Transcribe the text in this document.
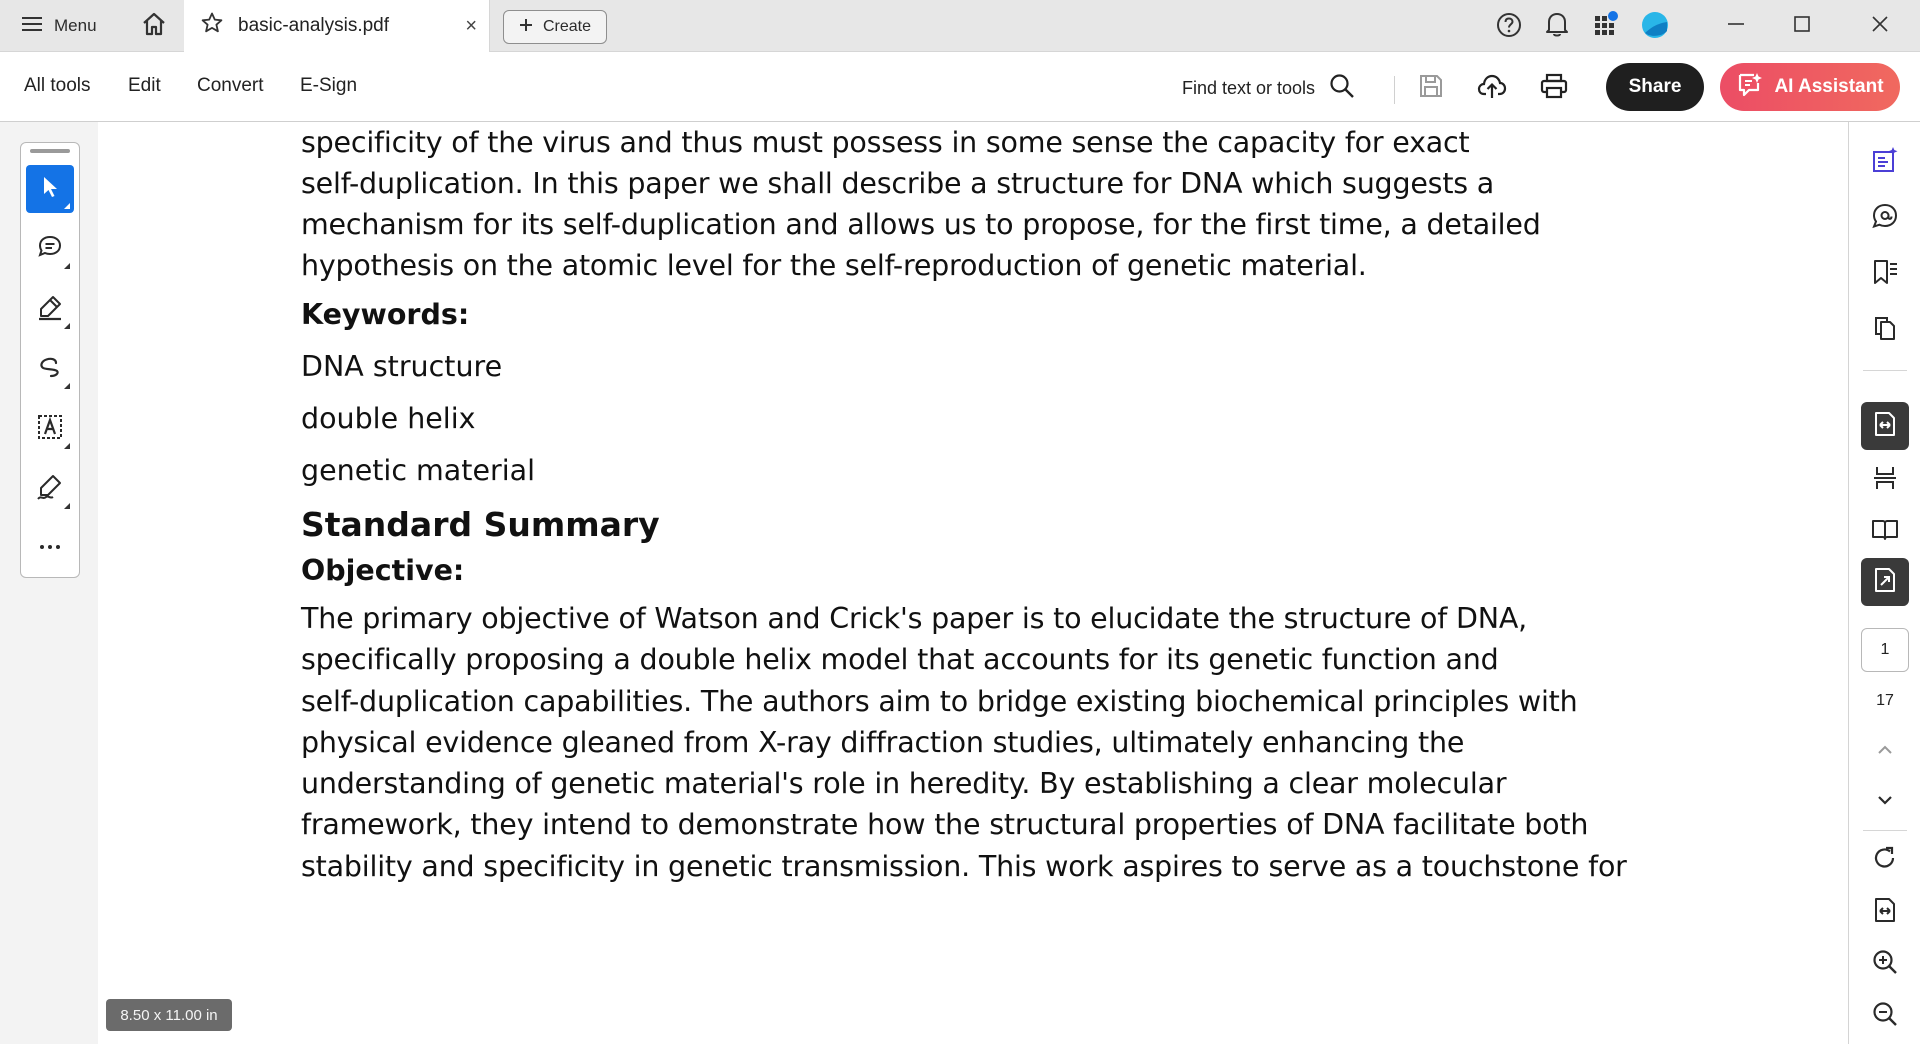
Menu	basic-analysis.pdf	×	Create
All tools Edit Convert E-Sign	Find text or tools	Share	AI Assistant
specificity of the virus and thus must possess in some sense the capacity for exact
self-duplication. In this paper we shall describe a structure for DNA which suggests a
mechanism for its self-duplication and allows us to propose, for the first time, a detailed
hypothesis on the atomic level for the self-reproduction of genetic material.
Keywords:
DNA structure
double helix
genetic material
Standard Summary
Objective:
The primary objective of Watson and Crick's paper is to elucidate the structure of DNA,
specifically proposing a double helix model that accounts for its genetic function and
self-duplication capabilities. The authors aim to bridge existing biochemical principles with
physical evidence gleaned from X-ray diffraction studies, ultimately enhancing the
understanding of genetic material's role in heredity. By establishing a clear molecular
framework, they intend to demonstrate how the structural properties of DNA facilitate both
stability and specificity in genetic transmission. This work aspires to serve as a touchstone for
8.50 x 11.00 in
1
17
